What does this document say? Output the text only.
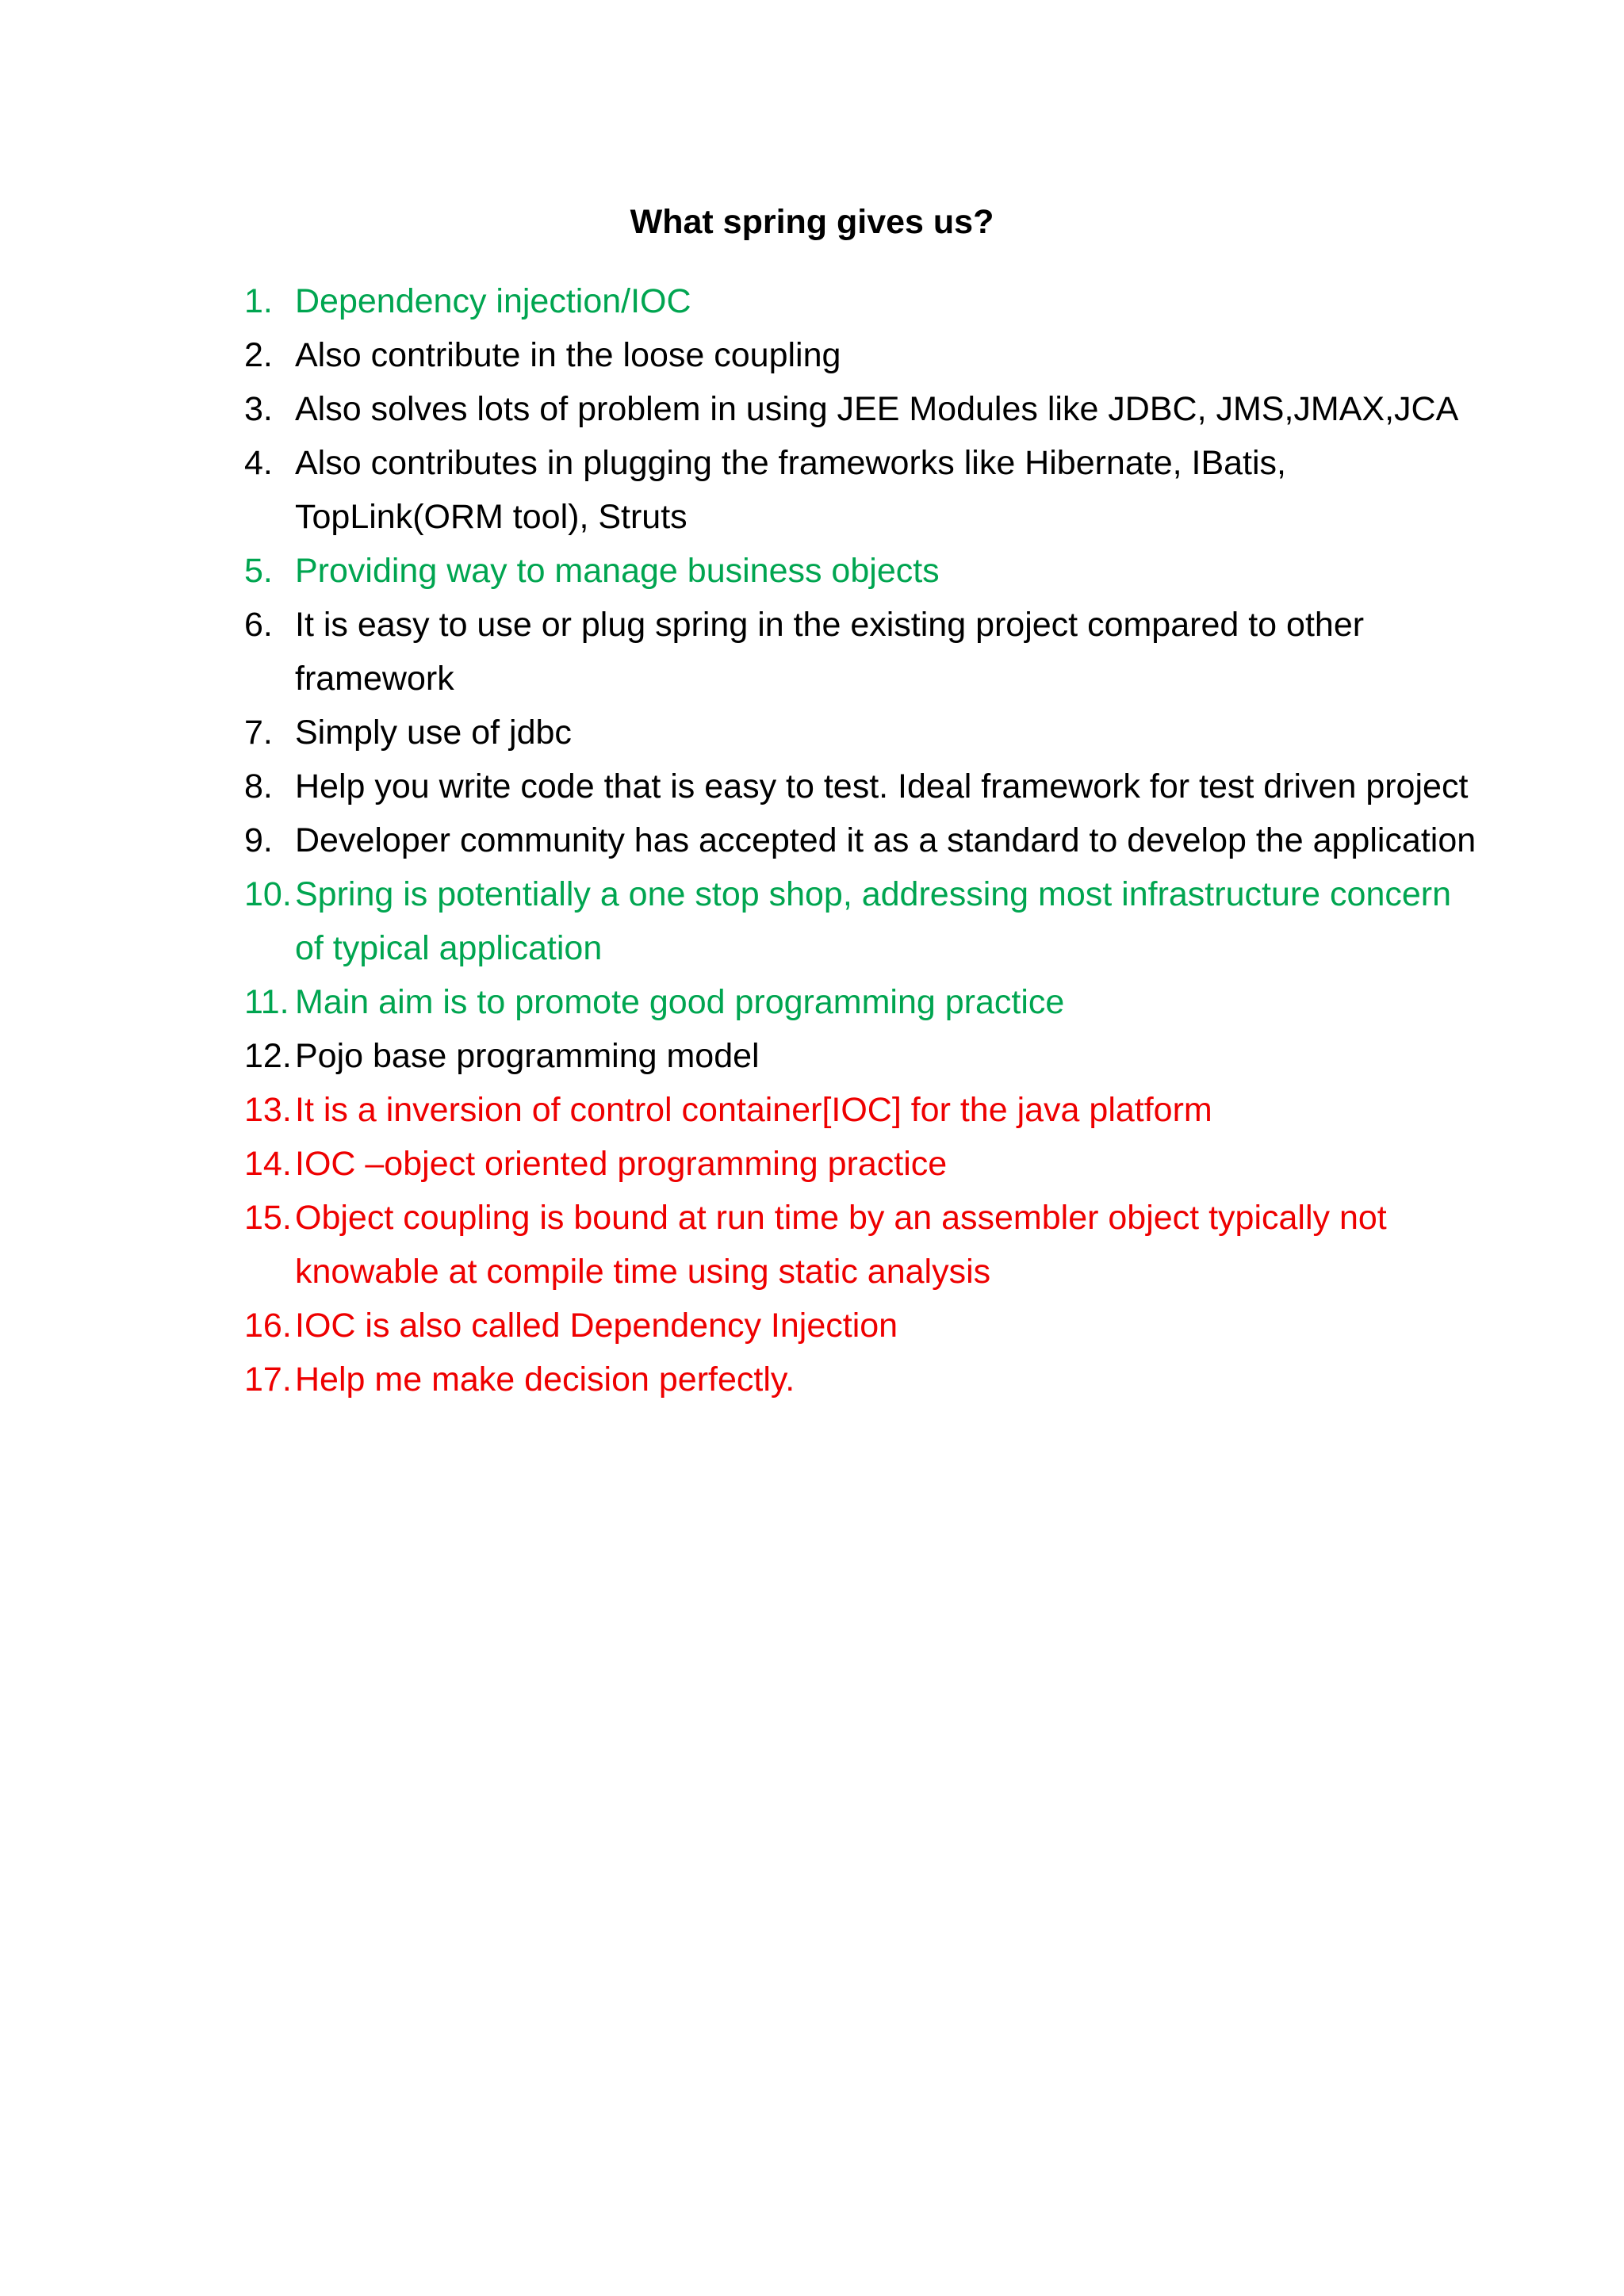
What spring gives us?
1. Dependency injection/IOC
2. Also contribute in the loose coupling
3. Also solves lots of problem in using JEE Modules like JDBC, JMS,JMAX,JCA
4. Also contributes in plugging the frameworks like Hibernate, IBatis, TopLink(ORM tool), Struts
5. Providing way to manage business objects
6. It is easy to use or plug spring in the existing project compared to other framework
7. Simply use of jdbc
8. Help you write code that is easy to test. Ideal framework for test driven project
9. Developer community has accepted it as a standard to develop the application
10. Spring is potentially a one stop shop, addressing most infrastructure concern of typical application
11. Main aim is to promote good programming practice
12. Pojo base programming model
13. It is a inversion of control container[IOC] for the java platform
14. IOC –object oriented programming practice
15. Object coupling is bound at run time by an assembler object typically not knowable at compile time using static analysis
16. IOC is also called Dependency Injection
17. Help me make decision perfectly.
